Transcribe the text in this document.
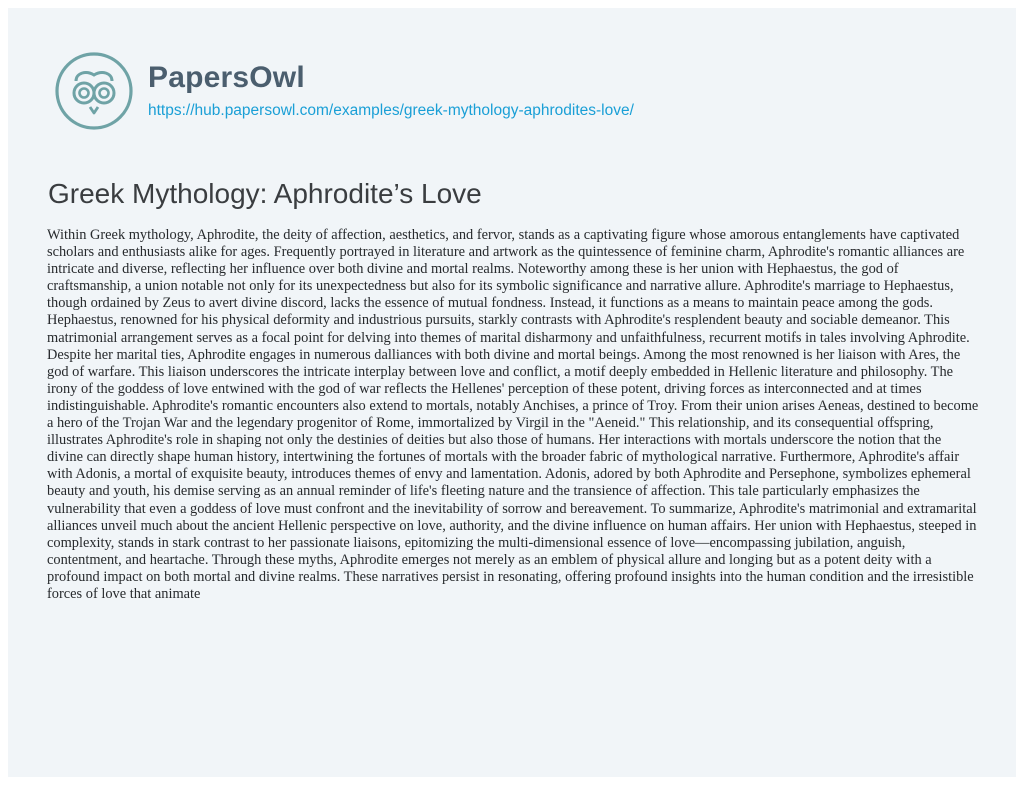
PapersOwl
https://hub.papersowl.com/examples/greek-mythology-aphrodites-love/
Greek Mythology: Aphrodite’s Love

Within Greek mythology, Aphrodite, the deity of affection, aesthetics, and fervor, stands as a captivating figure whose amorous entanglements have captivated scholars and enthusiasts alike for ages. Frequently portrayed in literature and artwork as the quintessence of feminine charm, Aphrodite's romantic alliances are intricate and diverse, reflecting her influence over both divine and mortal realms. Noteworthy among these is her union with Hephaestus, the god of craftsmanship, a union notable not only for its unexpectedness but also for its symbolic significance and narrative allure. Aphrodite's marriage to Hephaestus, though ordained by Zeus to avert divine discord, lacks the essence of mutual fondness. Instead, it functions as a means to maintain peace among the gods. Hephaestus, renowned for his physical deformity and industrious pursuits, starkly contrasts with Aphrodite's resplendent beauty and sociable demeanor. This matrimonial arrangement serves as a focal point for delving into themes of marital disharmony and unfaithfulness, recurrent motifs in tales involving Aphrodite. Despite her marital ties, Aphrodite engages in numerous dalliances with both divine and mortal beings. Among the most renowned is her liaison with Ares, the god of warfare. This liaison underscores the intricate interplay between love and conflict, a motif deeply embedded in Hellenic literature and philosophy. The irony of the goddess of love entwined with the god of war reflects the Hellenes' perception of these potent, driving forces as interconnected and at times indistinguishable. Aphrodite's romantic encounters also extend to mortals, notably Anchises, a prince of Troy. From their union arises Aeneas, destined to become a hero of the Trojan War and the legendary progenitor of Rome, immortalized by Virgil in the "Aeneid." This relationship, and its consequential offspring, illustrates Aphrodite's role in shaping not only the destinies of deities but also those of humans. Her interactions with mortals underscore the notion that the divine can directly shape human history, intertwining the fortunes of mortals with the broader fabric of mythological narrative. Furthermore, Aphrodite's affair with Adonis, a mortal of exquisite beauty, introduces themes of envy and lamentation. Adonis, adored by both Aphrodite and Persephone, symbolizes ephemeral beauty and youth, his demise serving as an annual reminder of life's fleeting nature and the transience of affection. This tale particularly emphasizes the vulnerability that even a goddess of love must confront and the inevitability of sorrow and bereavement. To summarize, Aphrodite's matrimonial and extramarital alliances unveil much about the ancient Hellenic perspective on love, authority, and the divine influence on human affairs. Her union with Hephaestus, steeped in complexity, stands in stark contrast to her passionate liaisons, epitomizing the multi-dimensional essence of love—encompassing jubilation, anguish, contentment, and heartache. Through these myths, Aphrodite emerges not merely as an emblem of physical allure and longing but as a potent deity with a profound impact on both mortal and divine realms. These narratives persist in resonating, offering profound insights into the human condition and the irresistible forces of love that animate
